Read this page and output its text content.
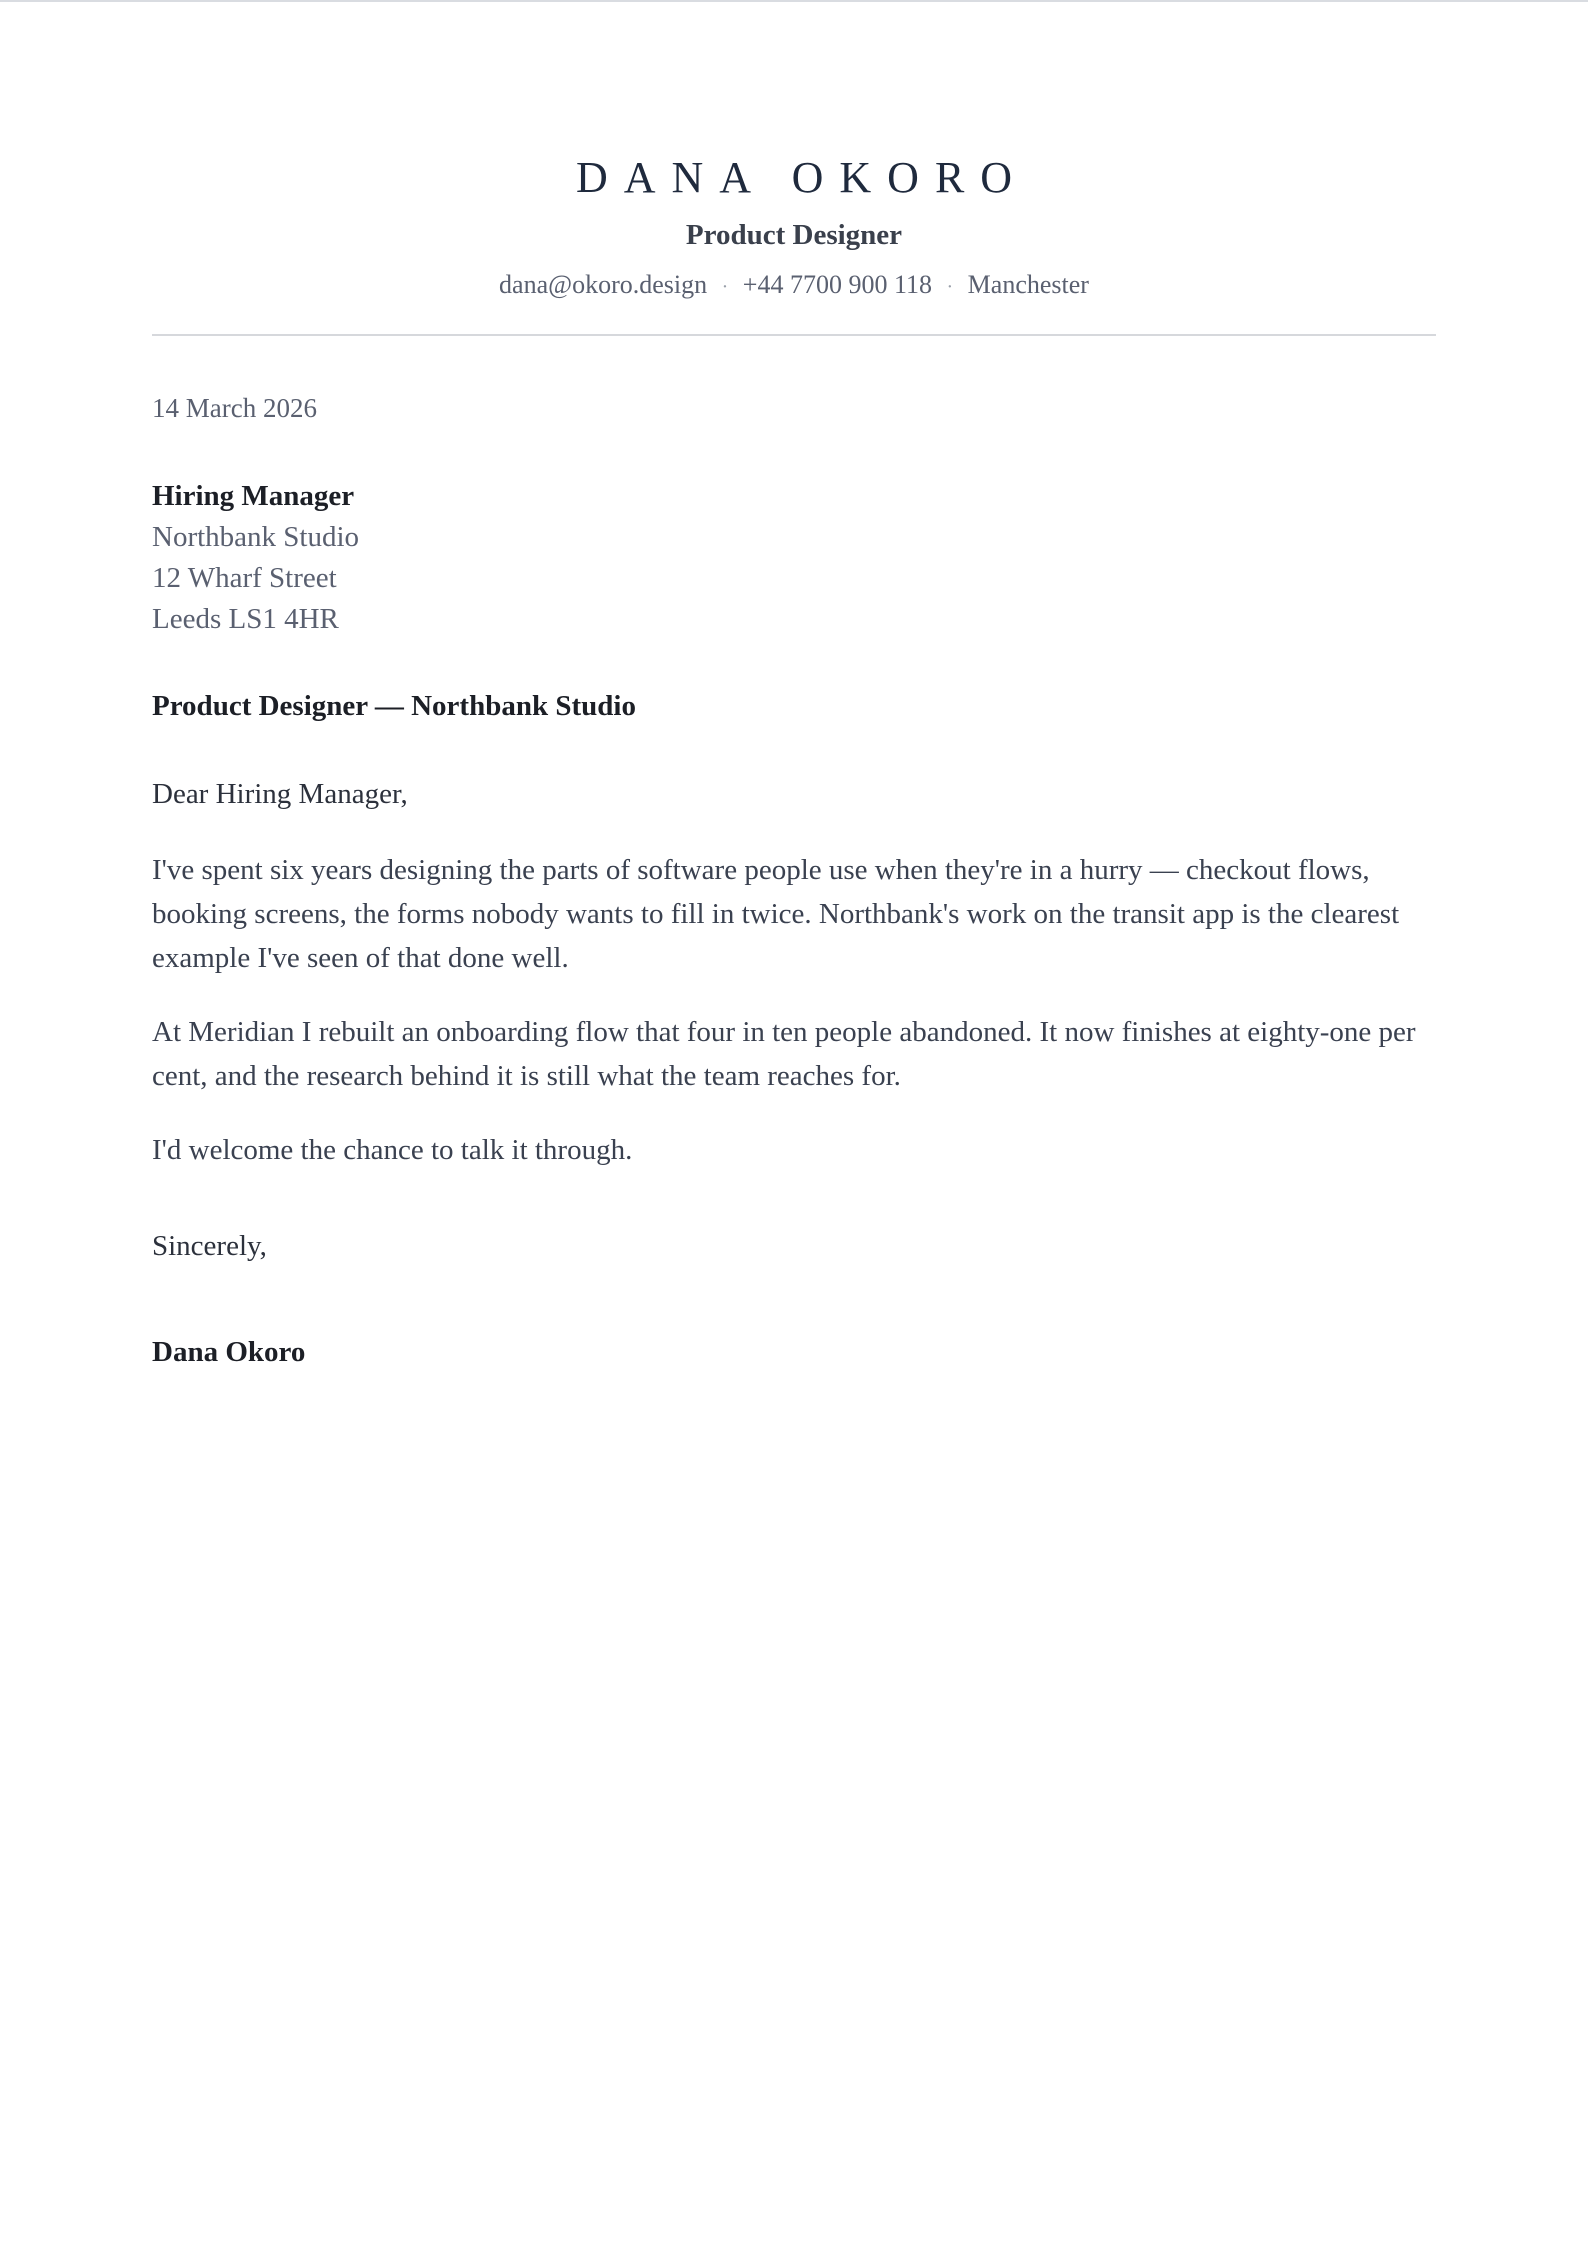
DANA OKORO
Product Designer
dana@okoro.design · +44 7700 900 118 · Manchester
14 March 2026
Hiring Manager
Northbank Studio
12 Wharf Street
Leeds LS1 4HR
Product Designer — Northbank Studio
Dear Hiring Manager,

I've spent six years designing the parts of software people use when they're in a hurry — checkout flows, booking screens, the forms nobody wants to fill in twice. Northbank's work on the transit app is the clearest example I've seen of that done well.

At Meridian I rebuilt an onboarding flow that four in ten people abandoned. It now finishes at eighty-one per cent, and the research behind it is still what the team reaches for.

I'd welcome the chance to talk it through.

Sincerely,
Dana Okoro
